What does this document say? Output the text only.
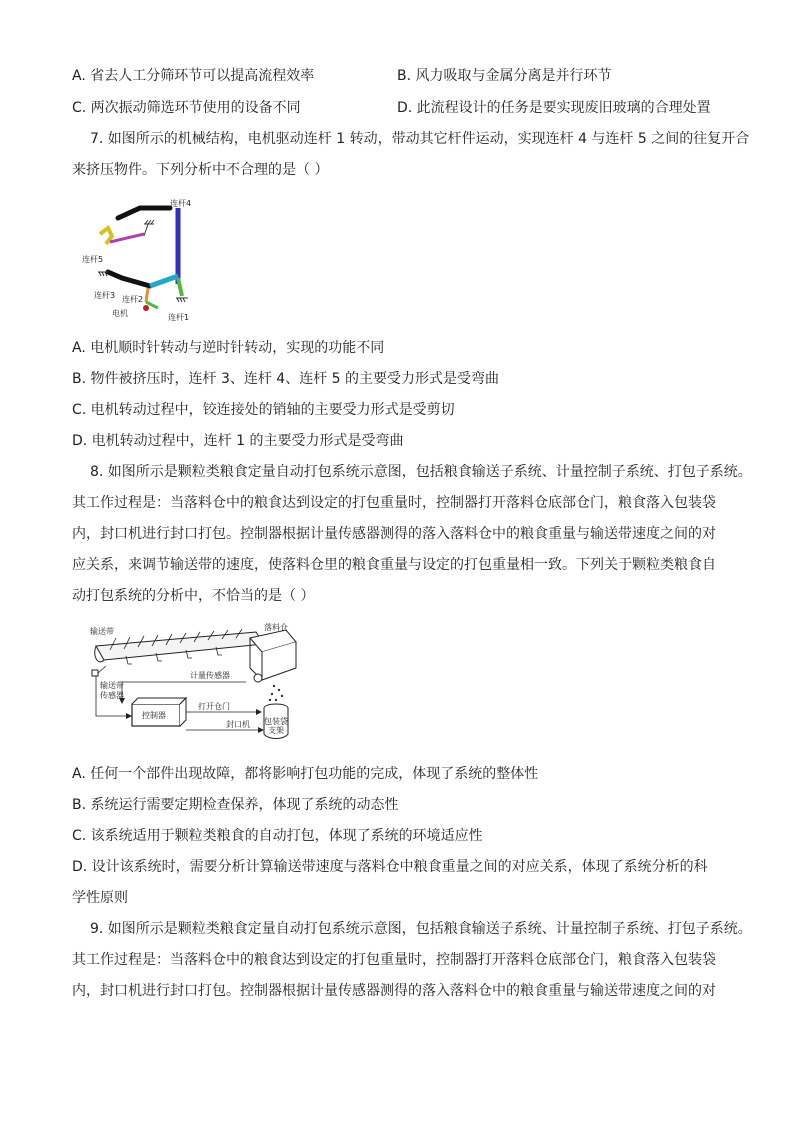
A. 省去人工分筛环节可以提高流程效率	B. 风力吸取与金属分离是并行环节
C. 两次振动筛选环节使用的设备不同	D. 此流程设计的任务是要实现废旧玻璃的合理处置
7. 如图所示的机械结构，电机驱动连杆 1 转动，带动其它杆件运动，实现连杆 4 与连杆 5 之间的往复开合
来挤压物件。下列分析中不合理的是（ ）
连杆4
连杆5
连杆3 连杆2
电机	连杆1
A. 电机顺时针转动与逆时针转动，实现的功能不同
B. 物件被挤压时，连杆 3、连杆 4、连杆 5 的主要受力形式是受弯曲
C. 电机转动过程中，铰连接处的销轴的主要受力形式是受剪切
D. 电机转动过程中，连杆 1 的主要受力形式是受弯曲
8. 如图所示是颗粒类粮食定量自动打包系统示意图，包括粮食输送子系统、计量控制子系统、打包子系统。
其工作过程是：当落料仓中的粮食达到设定的打包重量时，控制器打开落料仓底部仓门，粮食落入包装袋
内，封口机进行封口打包。控制器根据计量传感器测得的落入落料仓中的粮食重量与输送带速度之间的对
应关系，来调节输送带的速度，使落料仓里的粮食重量与设定的打包重量相一致。下列关于颗粒类粮食自
动打包系统的分析中，不恰当的是（ ）
输送带	落料仓
输送带
传感器
计量传感器
打开仓门
控制器
封口机 包装袋
支架
A. 任何一个部件出现故障，都将影响打包功能的完成，体现了系统的整体性
B. 系统运行需要定期检查保养，体现了系统的动态性
C. 该系统适用于颗粒类粮食的自动打包，体现了系统的环境适应性
D. 设计该系统时，需要分析计算输送带速度与落料仓中粮食重量之间的对应关系，体现了系统分析的科
学性原则
9. 如图所示是颗粒类粮食定量自动打包系统示意图，包括粮食输送子系统、计量控制子系统、打包子系统。
其工作过程是：当落料仓中的粮食达到设定的打包重量时，控制器打开落料仓底部仓门，粮食落入包装袋
内，封口机进行封口打包。控制器根据计量传感器测得的落入落料仓中的粮食重量与输送带速度之间的对
